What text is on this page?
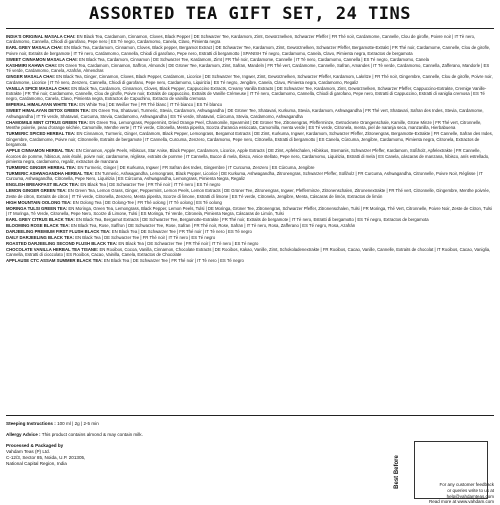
ASSORTED TEA GIFT SET, 24 TINS

INDIA'S ORIGINAL MASALA CHAI: EN Black Tea, Cardamom, Cinnamon, Cloves, Black Pepper | DE Schwarzer Tee, Kardamom, Zimt, Gewürznelken, Schwarzer Pfeffer | FR Thé noir, Cardamome, Cannelle, Clou de girofle, Poivre noir | IT Tè nero, Cardamomo, Cannella, Chiodi di garofano, Pepe nero | ES Té negro, Cardamomo, Canela, Clavo, Pimienta negra

EARL GREY MASALA CHAI: EN Black Tea, Cardamom, Cinnamon, Cloves, Black pepper, Bergamot Extract | DE Schwarzer Tee, Kardamom, Zimt, Gewürznelken, Schwarzer Pfeffer, Bergamotte-Extrakt | FR Thé noir, Cardamome, Cannelle, Clou de girofle, Poivre noir, Extraits de bergamote | IT Tè nero, Cardamomo, Cannella, Chiodi di garofano, Pepe nero, Estratti di bergamotto | SPANISH Té negro, Cardamomo, Canela, Clavo, Pimienta negra, Extractos de bergamota

SWEET CINNAMON MASALA CHAI: EN Black Tea, Cardamom, Cinnamon | DE Schwarzer Tee, Kardamom, Zimt | FR Thé noir, Cardamome, Cannelle | IT Tè nero, Cardamomo, Cannella | ES Té negro, Cardamomo, Canela

KASHMIRI KAHWA CHAI: EN Green Tea, Cardamom, Cinnamon, Saffron, Almonds | DE Grüner Tee, Kardamom, Zimt, Safran, Mandeln | FR Thé vert, Cardamome, Cannelle, Safran, Amandes | IT Tè verde, Cardamomo, Cannella, Zafferano, Mandorle | ES Té verde, Cardamomo, Canela, Azafrán, Almendras

GINGER MASALA CHAI: EN Black Tea, Ginger, Cinnamon, Cloves, Black Pepper, Cardamom, Licorice | DE Schwarzer Tee, Ingwer, Zimt, Gewürznelken, Schwarzer Pfeffer, Kardamom, Lakritze | FR Thé noir, Gingembre, Cannelle, Clou de girofle, Poivre noir, Cardamome, Licorice | IT Tè nero, Zenzero, Cannella, Chiodi di garofano, Pepe nero, Cardamomo, Liquirizia | ES Té negro, Jengibre, Canela, Clavo, Pimienta negra, Cardamomo, Regaliz

VANILLA SPICE MASALA CHAI: EN Black Tea, Cardamom, Cinnamon, Cloves, Black Pepper, Cappuccino Extracts, Creamy Vanilla Extracts | DE Schwarzer Tee, Kardamom, Zimt, Gewürznelken, Schwarzer Pfeffer, Cappuccino-Extrakte, Cremige Vanille-Extrakte | FR Thé noir, Cardamome, Cannelle, Clou de girofle, Poivre noir, Extraits de cappuccino, Extraits de Vanille Crémeuse | IT Tè nero, Cardamomo, Cannella, Chiodi di garofano, Pepe nero, Estratti di Cappuccino, Estratti di vaniglia cremosa | ES Té negro, Cardamomo, Canela, Clavo, Pimienta negra, Extractos de Capuchino, Extracto de vainilla cremosa

IMPERIAL HIMALAYAN WHITE TEA: EN White Tea | DE Weißer Tee | FR Thé blanc | IT Tè bianco | ES Té blanco

SWEET HIMALAYAN DETOX GREEN TEA: EN Green Tea, Shatavari, Turmeric, Stevia, Cardamom, Ashwagandha | DE Grüner Tee, Shatavari, Kurkuma, Stevia, Kardamom, Ashwagandha | FR Thé vert, Shatavari, Safran des Indes, Stevia, Cardamome, Ashwagandha | IT Tè verde, Shatavari, Curcuma, Stevia, Cardamomo, Ashwagandha | ES Té verde, Shatavari, Cúrcuma, Stevia, Cardamomo, Ashwagandha

CHAMOMILE MINT CITRUS GREEN TEA: EN Green Tea, Lemongrass, Peppermint, Dried Orange Peel, Chamomile, Spearmint | DE Grüner Tee, Zitronengras, Pfefferminze, Getrocknete Orangenschale, Kamille, Grüne Minze | FR Thé vert, Citronnelle, Menthe poivrée, peau d'orange séchée, Camomille, Menthe verte | IT Tè verde, Citronella, Menta piperita, Scorza d'arancia essiccata, Camomilla, menta verde | ES Té verde, Citronela, menta, piel de naranja seca, manzanilla, Hierbabuena

TURMERIC SPICED HERBAL TEA: EN Cinnamon, Turmeric, Ginger, Cardamom, Black Pepper, Lemongrass, Bergamot Extracts | DE Zimt, Kurkuma, Ingwer, Kardamom, Schwarzer Pfeffer, Zitronengras, Bergamotte-Extrakte | FR Cannelle, Safran des Indes, Gingembre, Cardamome, Poivre noir, Citronnelle, Extraits de bergamote | IT Cannella, Curcuma, Zenzero, Cardamomo, Pepe nero, Citronella, Estratti di bergamotto | ES Canela, Cúrcuma, Jengibre, Cardamomo, Pimienta negra, Citronela, Extractos de bergamota

APPLE CINNAMON HERBAL TEA: EN Cinnamon, Apple Peels, Hibiscus, Star Anise, Black Pepper, Cardamom, Licorice, Apple Extracts | DE Zimt, Apfelschalen, Hibiskus, Sternanis, Schwarzer Pfeffer, Kardamom, Süßholz, Apfelextrakte | FR Cannelle, écorces de pomme, hibiscus, anis étoilé, poivre noir, cardamome, réglisse, extraits de pomme | IT Cannella, Bucce di mela, Ibisco, Anice stellato, Pepe nero, Cardamomo, Liquirizia, Estratti di mela | ES Canela, cáscaras de manzana, hibisco, anís estrellado, pimienta negra, cardamomo, regaliz, extractos de manzana

TURMERIC GINGER HERBAL TEA: EN Turmeric, Ginger | DE Kurkuma, Ingwer | FR Safran des Indes, Gingembre | IT Curcuma, Zenzero | ES Cúrcuma, Jengibre

TURMERIC ASHWAGANDHA HERBAL TEA: EN Turmeric, Ashwagandha, Lemongrass, Black Pepper, Licorice | DE Kurkuma, Ashwagandha, Zitronengras, Schwarzer Pfeffer, Süßholz | FR Curcuma, Ashwagandha, Citronnelle, Poivre Noir, Réglisse | IT Curcuma, Ashwagandha, Citronella, Pepe Nero, Liquirizia | ES Cúrcuma, Ashwagandha, Lemongrass, Pimienta Negra, Regaliz

ENGLISH BREAKFAST BLACK TEA: EN Black Tea | DE Schwarzer Tee | FR Thé noir | IT Tè nero | ES Té negro

LEMON GINGER GREEN TEA: EN Green Tea, Lemon Grass, Ginger, Peppermint, Lemon Peels, Lemon Extracts | DE Grüner Tee, Zitronengras, Ingwer, Pfefferminze, Zitronenschalen, Zitronenextrakte | FR Thé vert, Citronnelle, Gingembre, Menthe poivrée, Zeste de citron, Extraits de citron | IT Tè verde, Citronella, Zenzero, Menta piperita, Scorze di limone, Estratti di limone | ES Té verde, Citronela, Jengibre, Menta, Cáscaras de limón, Extractos de limón

HIGH MOUNTAIN OOLONG TEA: EN Oolong Tea | DE Oolong-Tee | FR Thé oolong | IT Tè oolong | ES Té oolong

MORINGA TULSI GREEN TEA: EN Moringa, Green Tea, Lemongrass, Black Pepper, Lemon Peels, Tulsi | DE Moringa, Grüner Tee, Zitronengras, Schwarzer Pfeffer, Zitronenschalen, Tulsi | FR Moringa, Thé Vert, Citronnelle, Poivre Noir, Zeste de Citron, Tulsi | IT Moringa, Tè Verde, Citronella, Pepe Nero, Scorze di Limone, Tulsi | ES Moringa, Té Verde, Citronela, Pimienta Negra, Cáscaras de Limón, Tulsi

EARL GREY CITRUS BLACK TEA: EN Black Tea, Bergamot Extracts | DE Schwarzer Tee, Bergamotte-Extrakte | FR Thé noir, Extraits de bergamote | IT Tè nero, Estratti di bergamotto | ES Té negro, Extractos de bergamota

BLOOMING ROSE BLACK TEA: EN Black Tea, Rose, Saffron | DE Schwarzer Tee, Rose, Safran | FR Thé noir, Rose, Safran | IT Tè nero, Rosa, Zafferano | ES Té negro, Rosa, Azafrán

DARJEELING PREMIUM FIRST FLUSH BLACK TEA: EN Black Tea | DE Schwarzer Tee | FR Thé noir | IT Tè nero | ES Té negro

DAILY DARJEELING BLACK TEA: EN Black Tea | DE Schwarzer Tee | FR Thé noir | IT Tè nero | ES Té negro

ROASTED DARJEELING SECOND FLUSH BLACK TEA: EN Black Tea | DE Schwarzer Tee | FR Thé noir | IT Tè nero | ES Té negro

CHOCOLATE VANILLA HERBAL TEA TISANE: EN Rooibos, Cocoa, Vanilla, Cinnamon, Chocolate Extracts | DE Rooibos, Kakao, Vanille, Zimt, Schokoladenextrakte | FR Rooibos, Cacao, Vanille, Cannelle, Extraits de chocolat | IT Rooibos, Cacao, Vaniglia, Cannella, Estratti di cioccolato | ES Rooibos, Cacao, Vainilla, Canela, Extractos de Chocolate

APPLAUSE CTC ASSAM SUMMER BLACK TEA: EN Black Tea | DE Schwarzer Tee | FR Thé noir | IT Tè nero | ES Té negro

Steeping Instructions : 100 ml | 2g | 2-5 min
Allergy Advice : This product contains almond & may contain milk.
Processed & Packaged by
Vahdam Teas (P) Ltd.
C-12/3, Sector 85, Noida, U.P. 201305,
National Capital Region, India
For any customer feedback
or queries write to us at
help@vahdamteas.com
Read more at www.vahdam.com
Best Before
